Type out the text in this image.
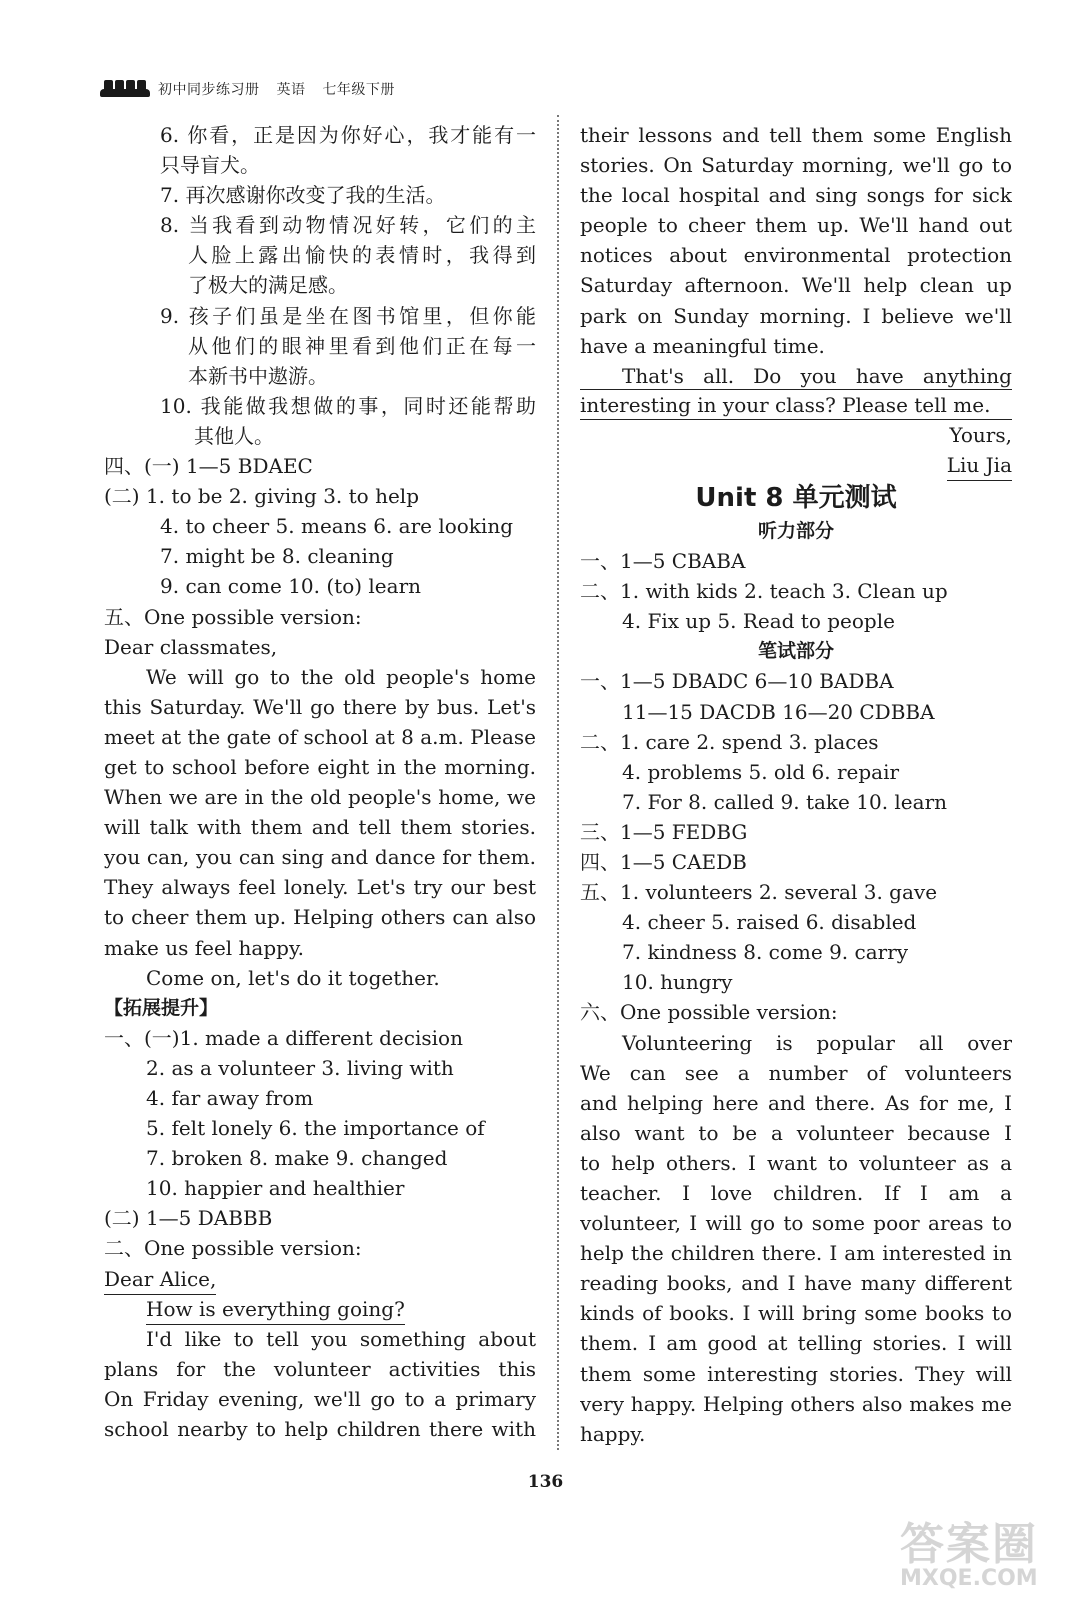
初中同步练习册 英语 七年级下册
6. 你看，正是因为你好心，我才能有一
只导盲犬。
7. 再次感谢你改变了我的生活。
8. 当我看到动物情况好转，它们的主
人脸上露出愉快的表情时，我得到
了极大的满足感。
9. 孩子们虽是坐在图书馆里，但你能
从他们的眼神里看到他们正在每一
本新书中遨游。
10. 我能做我想做的事，同时还能帮助
其他人。
四、(一) 1—5 BDAEC
(二) 1. to be 2. giving 3. to help
4. to cheer 5. means 6. are looking
7. might be 8. cleaning
9. can come 10. (to) learn
五、One possible version:
Dear classmates,
We will go to the old people's home
this Saturday. We'll go there by bus. Let's
meet at the gate of school at 8 a.m. Please
get to school before eight in the morning.
When we are in the old people's home, we
will talk with them and tell them stories.
you can, you can sing and dance for them.
They always feel lonely. Let's try our best
to cheer them up. Helping others can also
make us feel happy.
Come on, let's do it together.
【拓展提升】
一、(一)1. made a different decision
2. as a volunteer 3. living with
4. far away from
5. felt lonely 6. the importance of
7. broken 8. make 9. changed
10. happier and healthier
(二) 1—5 DABBB
二、One possible version:
Dear Alice,
How is everything going?
I'd like to tell you something about
plans for the volunteer activities this
On Friday evening, we'll go to a primary
school nearby to help children there with
their lessons and tell them some English
stories. On Saturday morning, we'll go to
the local hospital and sing songs for sick
people to cheer them up. We'll hand out
notices about environmental protection
Saturday afternoon. We'll help clean up
park on Sunday morning. I believe we'll
have a meaningful time.
That's all. Do you have anything
interesting in your class? Please tell me.
Yours,
Liu Jia
Unit 8 单元测试
听力部分
一、1—5 CBABA
二、1. with kids 2. teach 3. Clean up
4. Fix up 5. Read to people
笔试部分
一、1—5 DBADC 6—10 BADBA
11—15 DACDB 16—20 CDBBA
二、1. care 2. spend 3. places
4. problems 5. old 6. repair
7. For 8. called 9. take 10. learn
三、1—5 FEDBG
四、1—5 CAEDB
五、1. volunteers 2. several 3. gave
4. cheer 5. raised 6. disabled
7. kindness 8. come 9. carry
10. hungry
六、One possible version:
Volunteering is popular all over
We can see a number of volunteers
and helping here and there. As for me, I
also want to be a volunteer because I
to help others. I want to volunteer as a
teacher. I love children. If I am a
volunteer, I will go to some poor areas to
help the children there. I am interested in
reading books, and I have many different
kinds of books. I will bring some books to
them. I am good at telling stories. I will
them some interesting stories. They will
very happy. Helping others also makes me
happy.
136
答案圈
MXQE.COM
